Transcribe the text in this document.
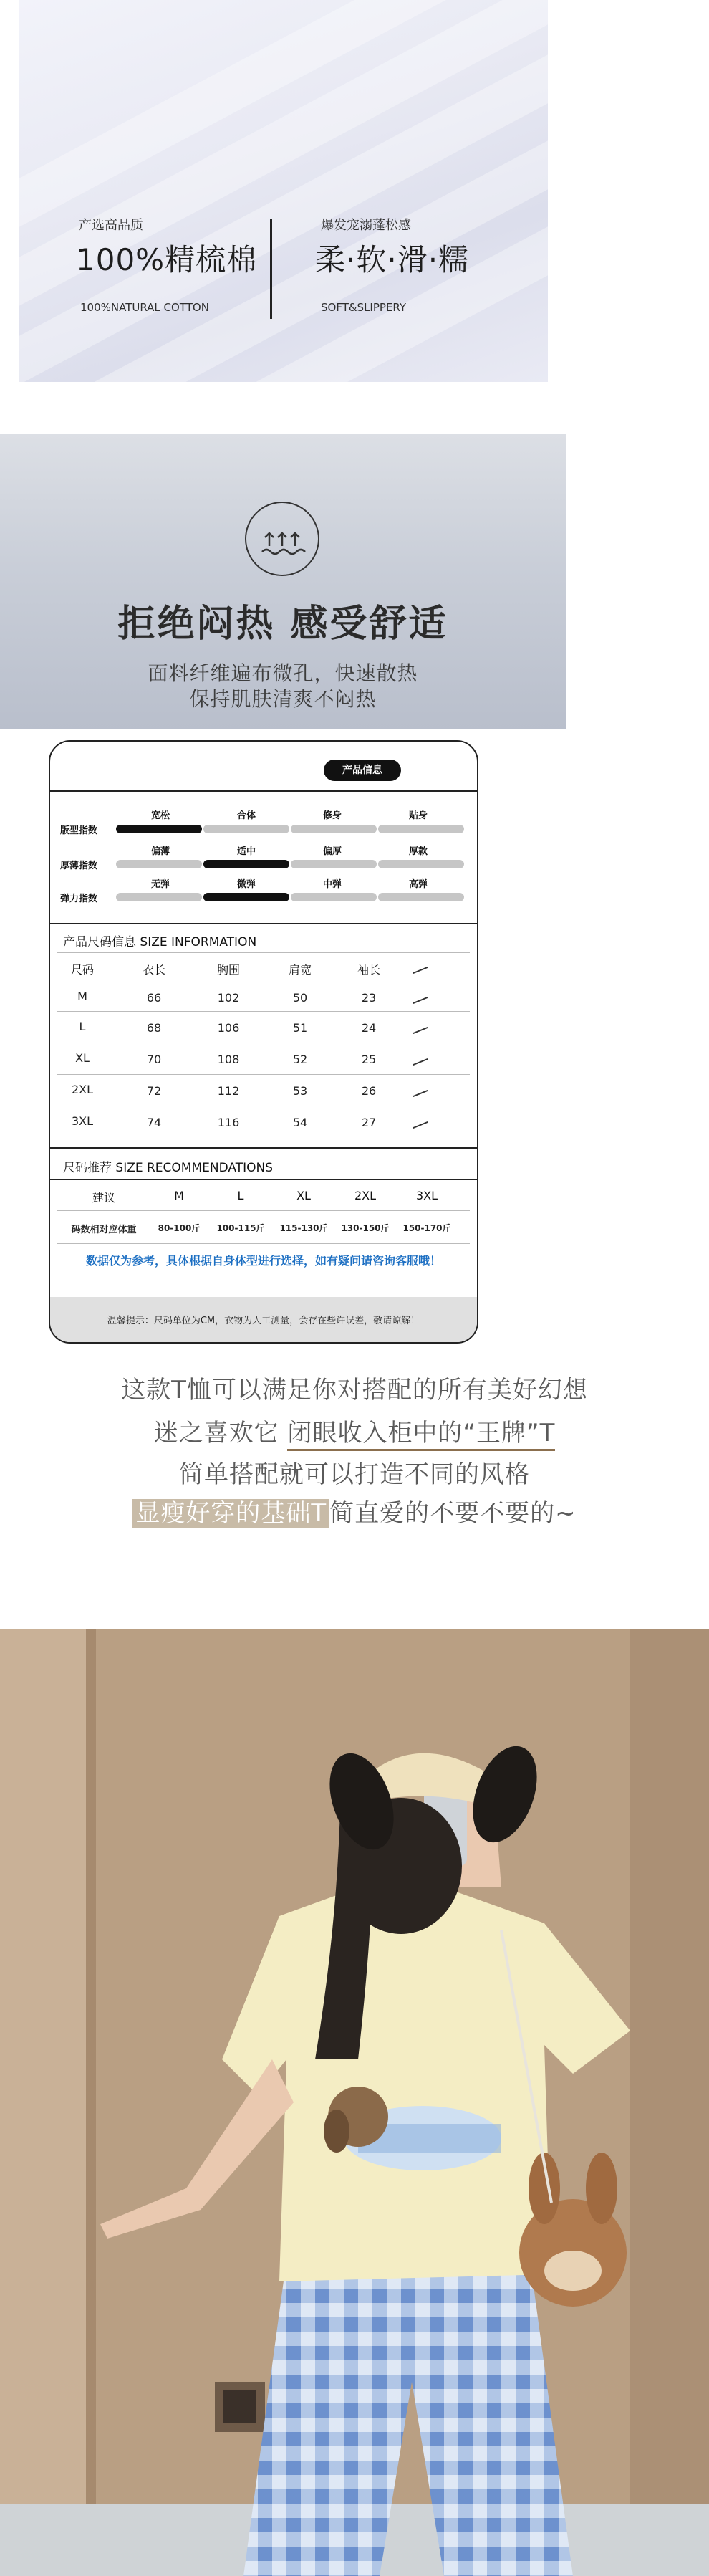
产选高品质
100%精梳棉
100%NATURAL COTTON
爆发宠溺蓬松感
柔·软·滑·糯
SOFT&SLIPPERY
拒绝闷热 感受舒适
面料纤维遍布微孔，快速散热
保持肌肤清爽不闷热
产品信息
版型指数
宽松	合体	修身	贴身
厚薄指数
偏薄	适中	偏厚	厚款
弹力指数
无弹	微弹	中弹	高弹
产品尺码信息 SIZE INFORMATION
尺码	衣长	胸围	肩宽	袖长
M	66	102	50	23
L	68	106	51	24
XL	70	108	52	25
2XL	72	112	53	26
3XL	74	116	54	27
尺码推荐 SIZE RECOMMENDATIONS
建议	M	L	XL	2XL	3XL
码数相对应体重	80-100斤	100-115斤	115-130斤	130-150斤	150-170斤
数据仅为参考，具体根据自身体型进行选择，如有疑问请咨询客服哦！
温馨提示：尺码单位为CM，衣物为人工测量，会存在些许误差，敬请谅解！
这款T恤可以满足你对搭配的所有美好幻想
迷之喜欢它 闭眼收入柜中的“王牌”T
简单搭配就可以打造不同的风格
显瘦好穿的基础T 简直爱的不要不要的~
